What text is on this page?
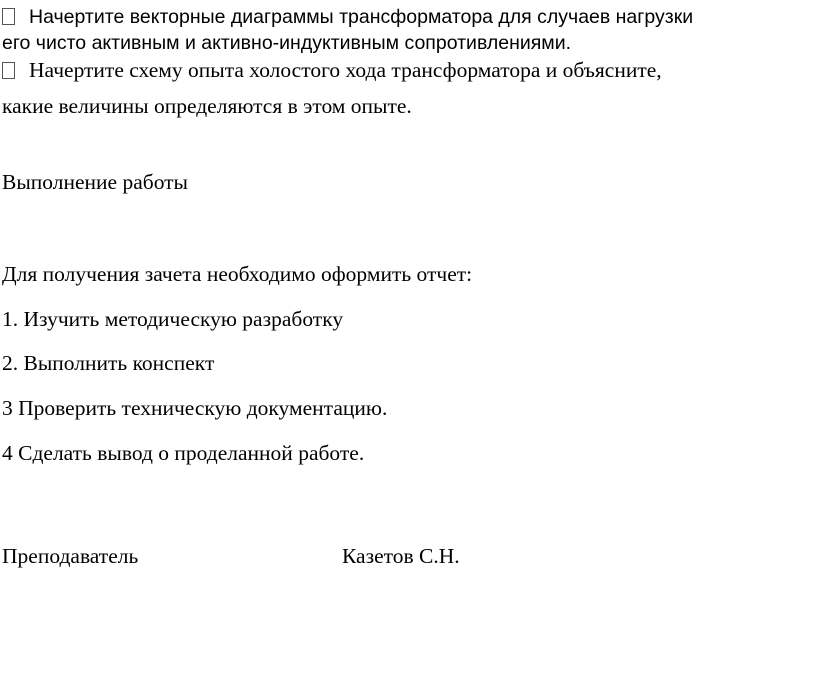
Начертите векторные диаграммы трансформатора для случаев нагрузки
его чисто активным и активно-индуктивным сопротивлениями.
Начертите схему опыта холостого хода трансформатора и объясните,
какие величины определяются в этом опыте.
Выполнение работы
Для получения зачета необходимо оформить отчет:
1. Изучить методическую разработку
2. Выполнить конспект
3 Проверить техническую документацию.
4 Сделать вывод о проделанной работе.
Преподаватель	Казетов С.Н.
